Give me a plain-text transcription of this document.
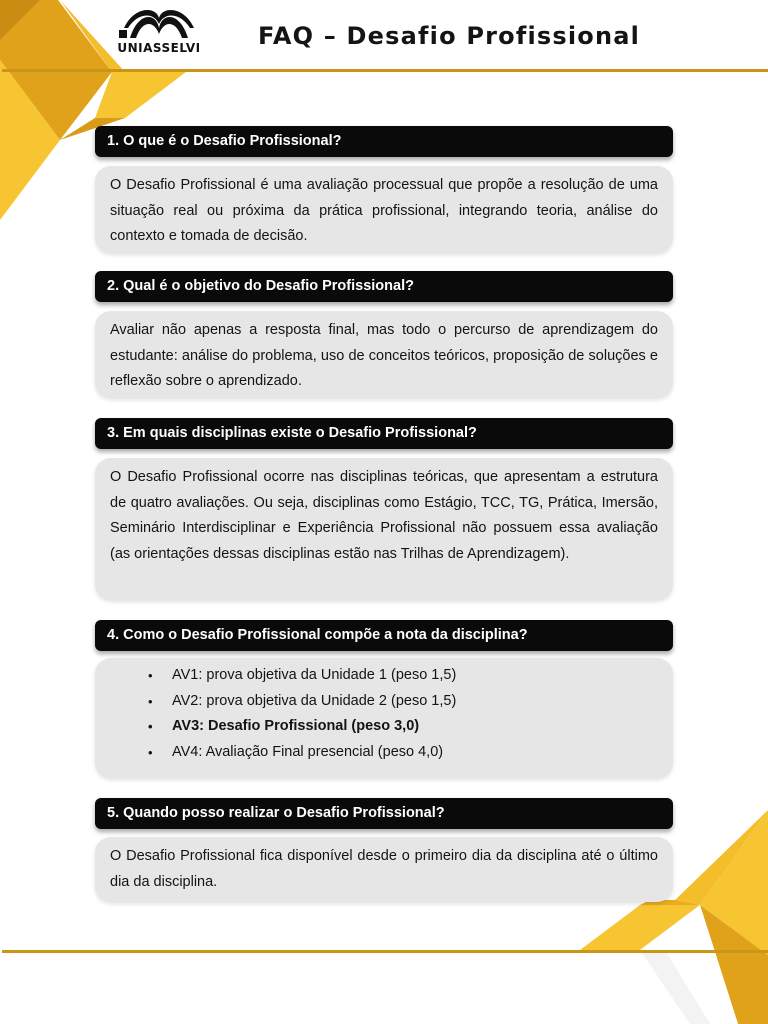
UNIASSELVI FAQ – Desafio Profissional
1. O que é o Desafio Profissional?
O Desafio Profissional é uma avaliação processual que propõe a resolução de uma situação real ou próxima da prática profissional, integrando teoria, análise do contexto e tomada de decisão.
2. Qual é o objetivo do Desafio Profissional?
Avaliar não apenas a resposta final, mas todo o percurso de aprendizagem do estudante: análise do problema, uso de conceitos teóricos, proposição de soluções e reflexão sobre o aprendizado.
3. Em quais disciplinas existe o Desafio Profissional?
O Desafio Profissional ocorre nas disciplinas teóricas, que apresentam a estrutura de quatro avaliações. Ou seja, disciplinas como Estágio, TCC, TG, Prática, Imersão, Seminário Interdisciplinar e Experiência Profissional não possuem essa avaliação (as orientações dessas disciplinas estão nas Trilhas de Aprendizagem).
4. Como o Desafio Profissional compõe a nota da disciplina?
• AV1: prova objetiva da Unidade 1 (peso 1,5)
• AV2: prova objetiva da Unidade 2 (peso 1,5)
• AV3: Desafio Profissional (peso 3,0)
• AV4: Avaliação Final presencial (peso 4,0)
5. Quando posso realizar o Desafio Profissional?
O Desafio Profissional fica disponível desde o primeiro dia da disciplina até o último dia da disciplina.
